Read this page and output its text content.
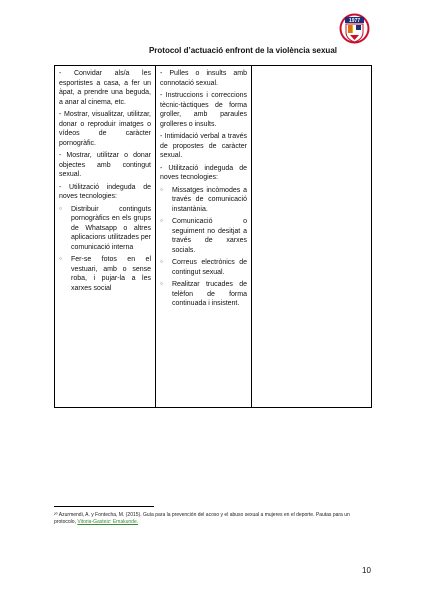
1977
Protocol d’actuació enfront de la violència sexual

- Convidar als/a les esportistes a casa, a fer un àpat, a prendre una beguda, a anar al cinema, etc.

- Mostrar, visualitzar, utilitzar, donar o reproduir imatges o vídeos de caràcter pornogràfic.

- Mostrar, utilitzar o donar objectes amb contingut sexual.

- Utilització indeguda de noves tecnologies:

○ Distribuir continguts pornogràfics en els grups de Whatsapp o altres aplicacions utilitzades per comunicació interna
○ Fer-se fotos en el vestuari, amb o sense roba, i pujar-la a les xarxes social

- Pulles o insults amb connotació sexual.

- Instruccions i correccions tècnic-tàctiques de forma groller, amb paraules grolleres o insults.

- Intimidació verbal a través de propostes de caràcter sexual.

- Utilització indeguda de noves tecnologies:

○ Missatges incòmodes a través de comunicació instantània.
○ Comunicació o seguiment no desitjat a través de xarxes socials.
○ Correus electrònics de contingut sexual.
○ Realitzar trucades de telèfon de forma continuada i insistent.

²⁰ Azurmendi, A. y Fontecha, M. (2015). Guía para la prevención del acoso y el abuso sexual a mujeres en el deporte. Pautas para un protocolo, Vitoria-Gasteiz: Emakunde.
10
